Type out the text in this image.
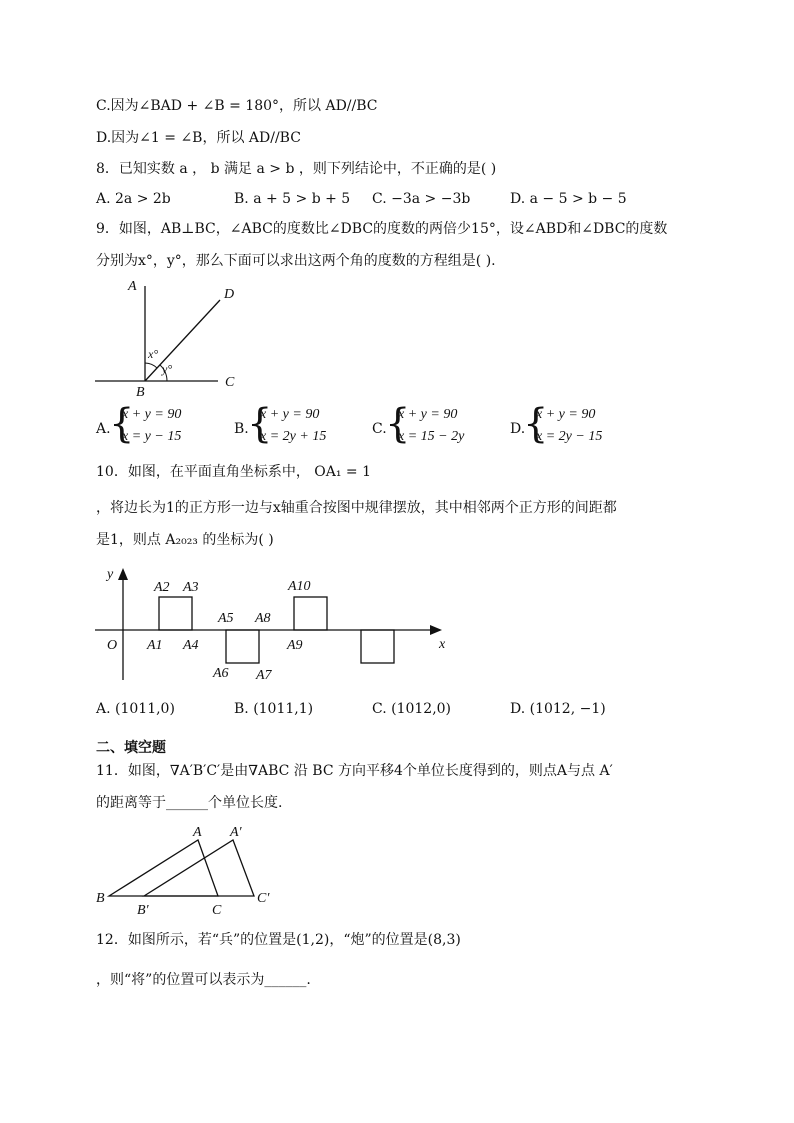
C.因为∠BAD + ∠B = 180°，所以 AD//BC
D.因为∠1 = ∠B，所以 AD//BC
8．已知实数 a ， b 满足 a > b ，则下列结论中，不正确的是( )
A. 2a > 2b	B. a + 5 > b + 5 C. −3a > −3b	D. a − 5 > b − 5
9．如图，AB⊥BC，∠ABC的度数比∠DBC的度数的两倍少15°，设∠ABD和∠DBC的度数
分别为x°，y°，那么下面可以求出这两个角的度数的方程组是( ).
A
D
x°
y°
B
C
A.
{
x + y = 90
x = y − 15	B.
{
x + y = 90
x = 2y + 15	C.
{
x + y = 90
x = 15 − 2y	D.
{
x + y = 90
x = 2y − 15
10．如图，在平面直角坐标系中， OA₁ = 1
，将边长为1的正方形一边与x轴重合按图中规律摆放，其中相邻两个正方形的间距都
是1，则点 A₂₀₂₃ 的坐标为( )
y
x
O A1
A2 A3
A4
A5 A8
A6 A7
A9
A10
A. (1011,0)	B. (1011,1)	C. (1012,0)	D. (1012, −1)
二、填空题
11．如图，∇A′B′C′是由∇ABC 沿 BC 方向平移4个单位长度得到的，则点A与点 A′
的距离等于______个单位长度.
A A′
B
B′	C
C′
12．如图所示，若“兵”的位置是(1,2)，“炮”的位置是(8,3)
，则“将”的位置可以表示为______.
